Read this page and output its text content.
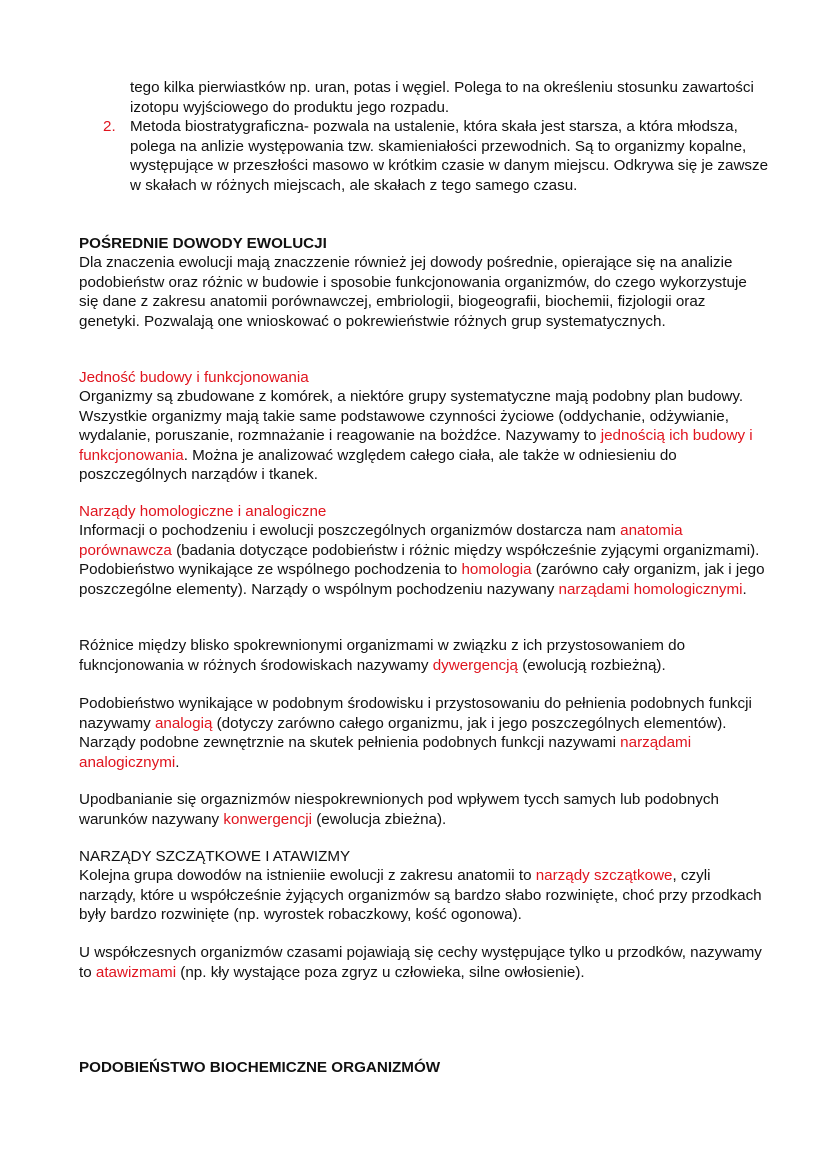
tego kilka pierwiastków np. uran, potas i węgiel. Polega to na określeniu stosunku zawartości izotopu wyjściowego do produktu jego rozpadu.

2. Metoda biostratygraficzna- pozwala na ustalenie, która skała jest starsza, a która młodsza, polega na anlizie występowania tzw. skamieniałości przewodnich. Są to organizmy kopalne, występujące w przeszłości masowo w krótkim czasie w danym miejscu. Odkrywa się je zawsze w skałach w różnych miejscach, ale skałach z tego samego czasu.

POŚREDNIE DOWODY EWOLUCJI

Dla znaczenia ewolucji mają znaczzenie również jej dowody pośrednie, opierające się na analizie podobieństw oraz różnic w budowie i sposobie funkcjonowania organizmów, do czego wykorzystuje się dane z zakresu anatomii porównawczej, embriologii, biogeografii, biochemii, fizjologii oraz genetyki. Pozwalają one wnioskować o pokrewieństwie różnych grup systematycznych.

Jedność budowy i funkcjonowania

Organizmy są zbudowane z komórek, a niektóre grupy systematyczne mają podobny plan budowy. Wszystkie organizmy mają takie same podstawowe czynności życiowe (oddychanie, odżywianie, wydalanie, poruszanie, rozmnażanie i reagowanie na bożdźce. Nazywamy to jednością ich budowy i funkcjonowania. Można je analizować względem całego ciała, ale także w odniesieniu do poszczególnych narządów i tkanek.

Narządy homologiczne i analogiczne

Informacji o pochodzeniu i ewolucji poszczególnych organizmów dostarcza nam anatomia porównawcza (badania dotyczące podobieństw i różnic między współcześnie zyjącymi organizmami). Podobieństwo wynikające ze wspólnego pochodzenia to homologia (zarówno cały organizm, jak i jego poszczególne elementy). Narządy o wspólnym pochodzeniu nazywany narządami homologicznymi.

Różnice między blisko spokrewnionymi organizmami w związku z ich przystosowaniem do fukncjonowania w różnych środowiskach nazywamy dywergencją (ewolucją rozbieżną).

Podobieństwo wynikające w podobnym środowisku i przystosowaniu do pełnienia podobnych funkcji nazywamy analogią (dotyczy zarówno całego organizmu, jak i jego poszczególnych elementów). Narządy podobne zewnętrznie na skutek pełnienia podobnych funkcji nazywami narządami analogicznymi.

Upodbanianie się orgaznizmów niespokrewnionych pod wpływem tycch samych lub podobnych warunków nazywany konwergencji (ewolucja zbieżna).

NARZĄDY SZCZĄTKOWE I ATAWIZMY

Kolejna grupa dowodów na istnieniie ewolucji z zakresu anatomii to narządy szczątkowe, czyli narządy, które u współcześnie żyjących organizmów są bardzo słabo rozwinięte, choć przy przodkach były bardzo rozwinięte (np. wyrostek robaczkowy, kość ogonowa).

U współczesnych organizmów czasami pojawiają się cechy występujące tylko u przodków, nazywamy to atawizmami (np. kły wystające poza zgryz u człowieka, silne owłosienie).

PODOBIEŃSTWO BIOCHEMICZNE ORGANIZMÓW
